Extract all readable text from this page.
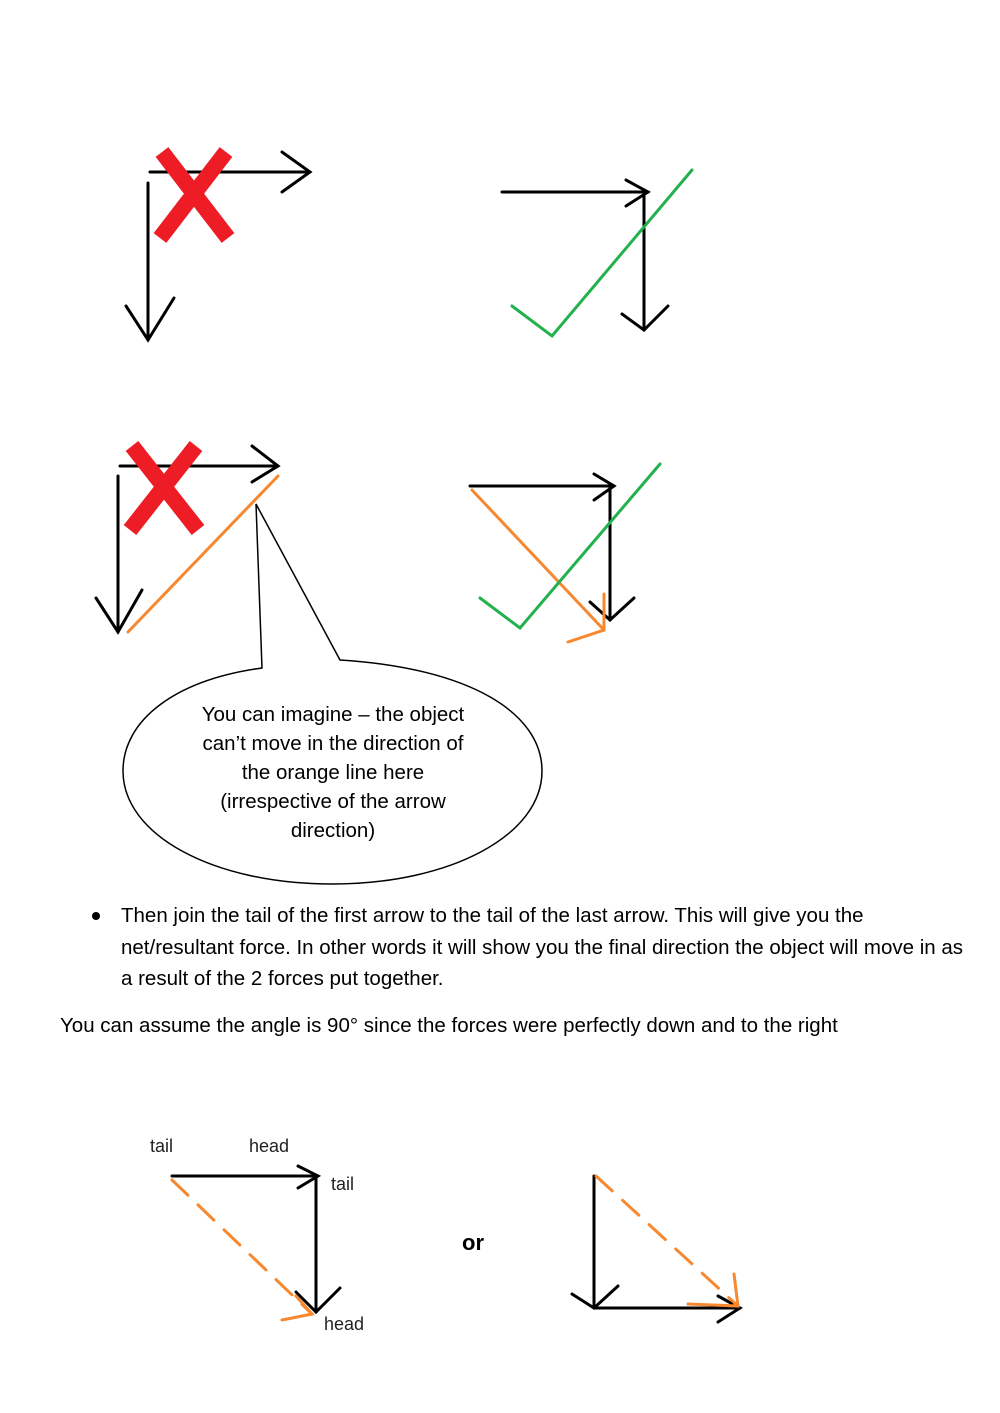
You can imagine – the object can’t move in the direction of the orange line here (irrespective of the arrow direction)
Then join the tail of the first arrow to the tail of the last arrow. This will give you the net/resultant force. In other words it will show you the final direction the object will move in as a result of the 2 forces put together.

You can assume the angle is 90° since the forces were perfectly down and to the right

tail	head
tail
head
or
